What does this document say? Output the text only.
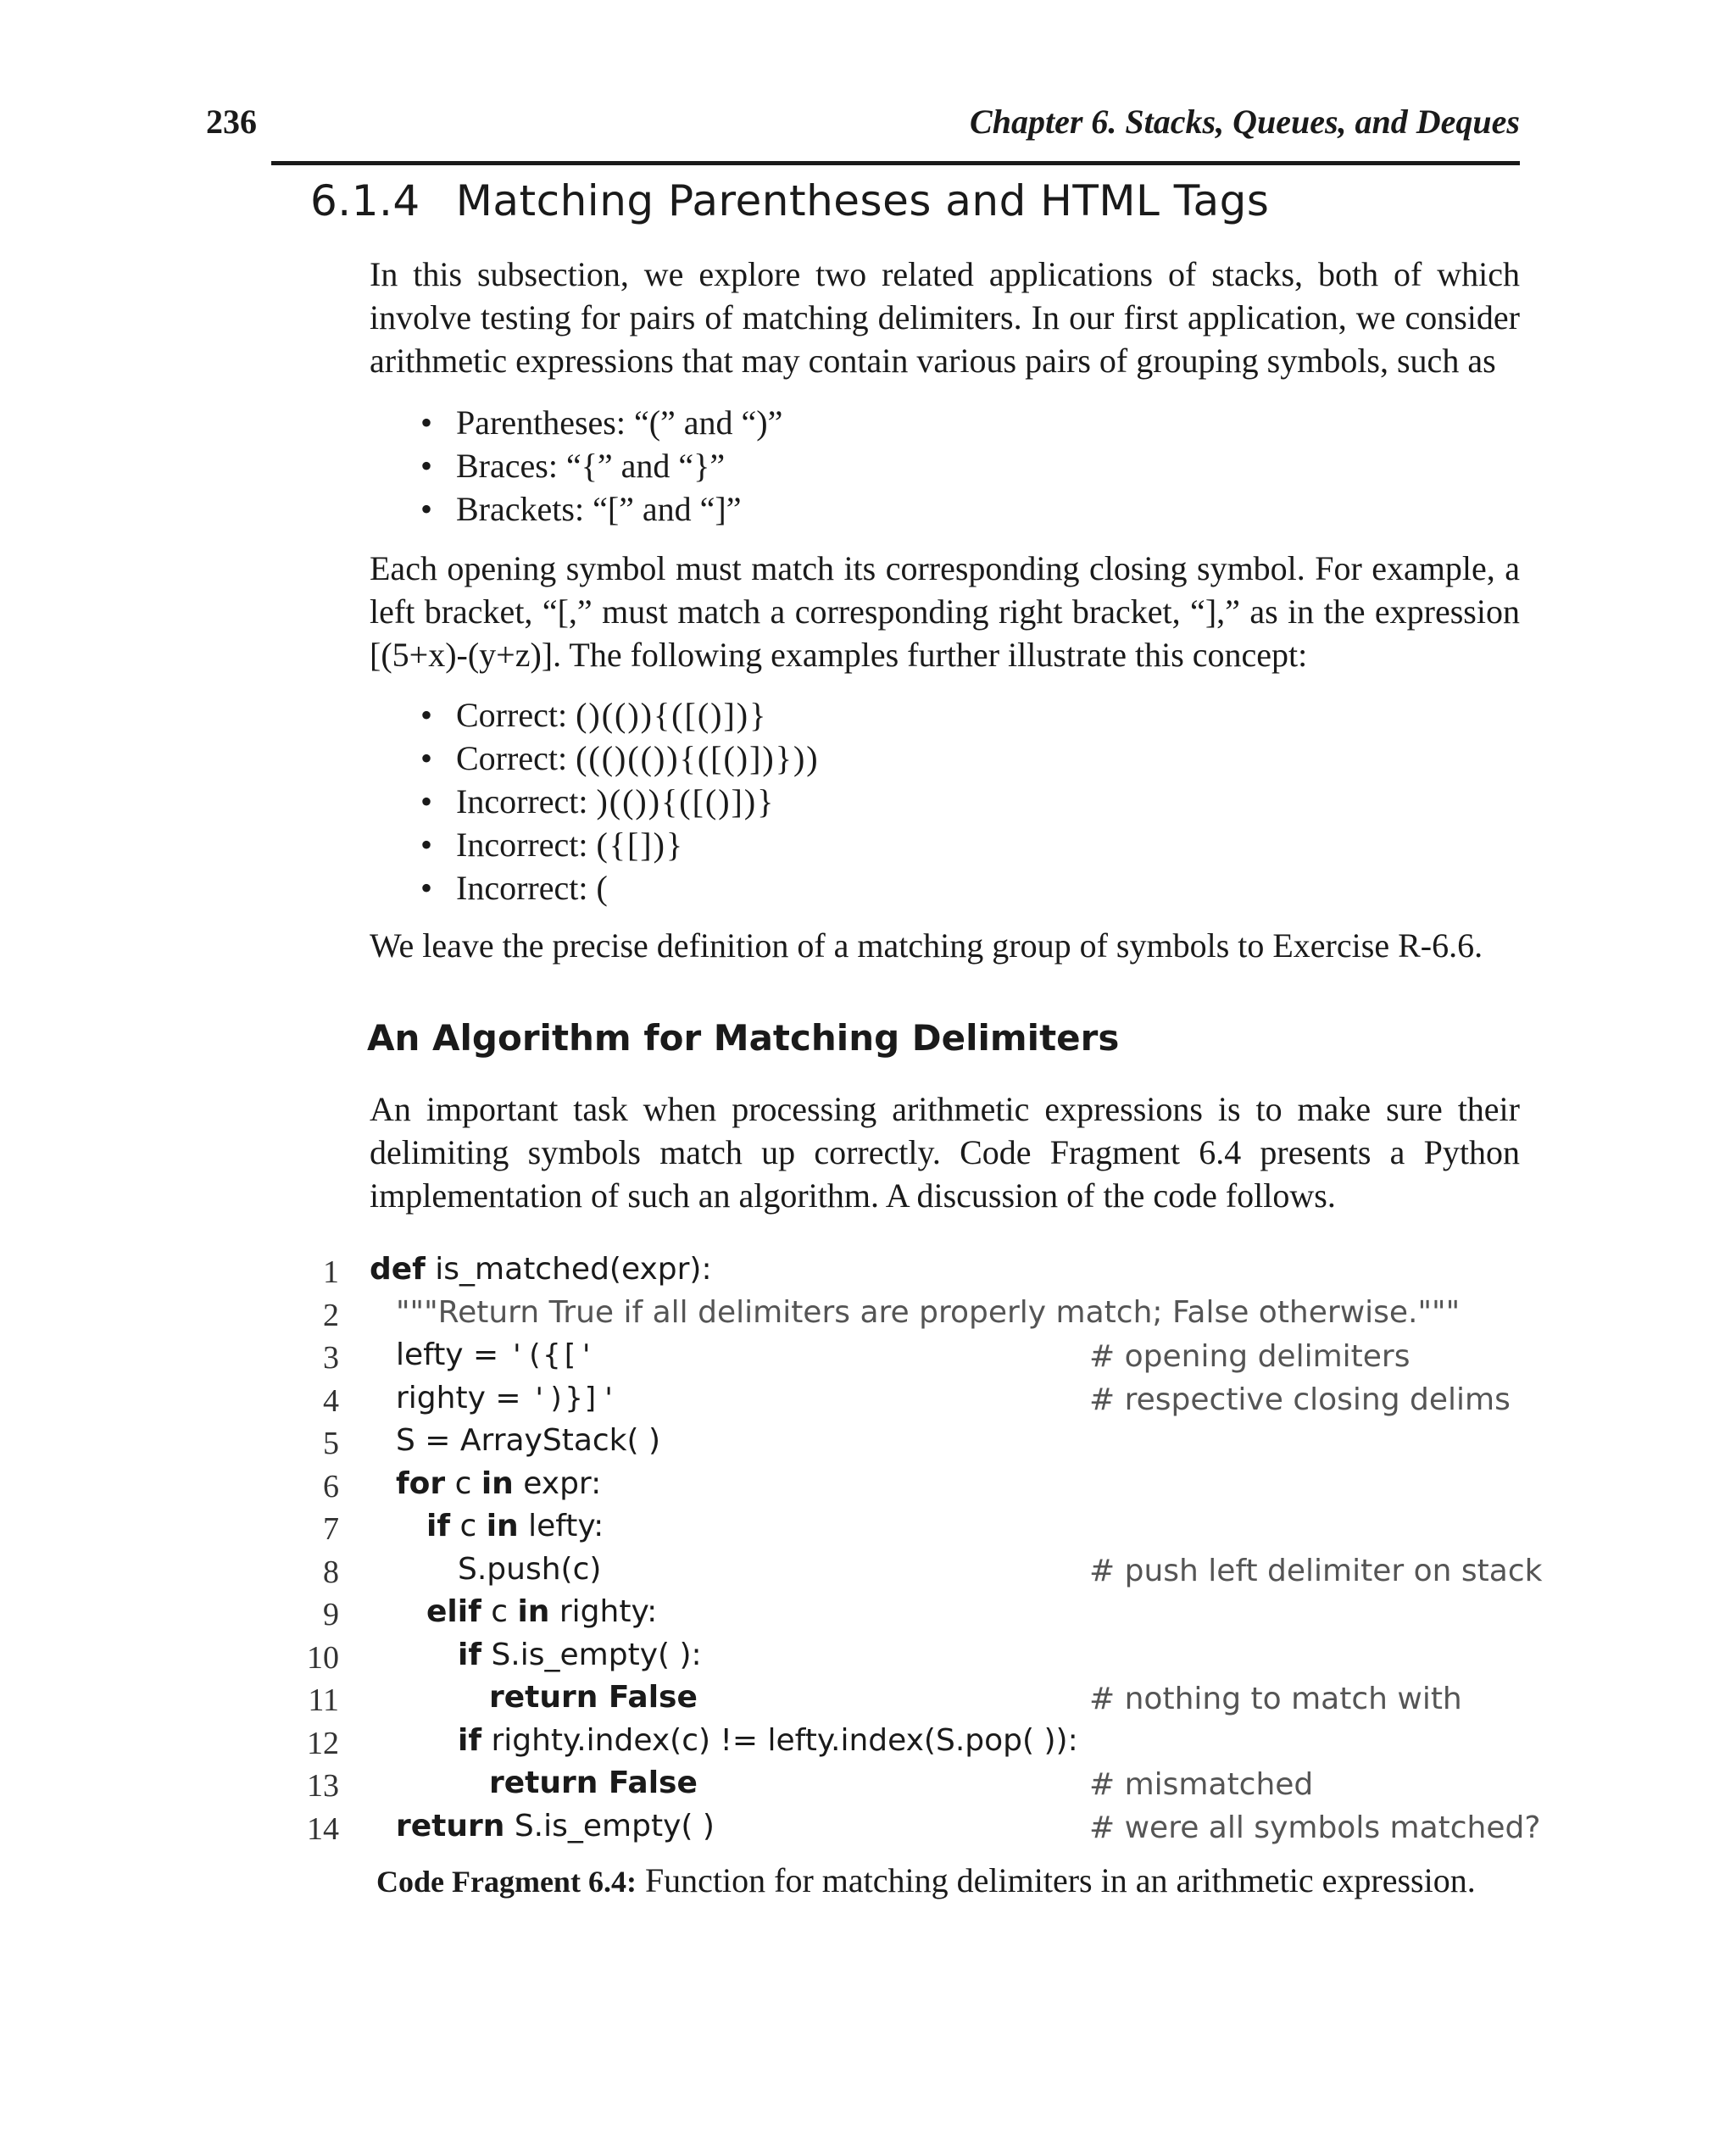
236	Chapter 6. Stacks, Queues, and Deques
6.1.4 Matching Parentheses and HTML Tags

In this subsection, we explore two related applications of stacks, both of which involve testing for pairs of matching delimiters. In our first application, we consider arithmetic expressions that may contain various pairs of grouping symbols, such as

• Parentheses: “(” and “)”
• Braces: “{” and “}”
• Brackets: “[” and “]”

Each opening symbol must match its corresponding closing symbol. For example, a left bracket, “[,” must match a corresponding right bracket, “],” as in the expression [(5+x)-(y+z)]. The following examples further illustrate this concept:

• Correct: ()(()){([()])}
• Correct: ((()(()){([()])}))
• Incorrect: )(()){([()])}
• Incorrect: ({[])}
• Incorrect: (

We leave the precise definition of a matching group of symbols to Exercise R-6.6.

An Algorithm for Matching Delimiters

An important task when processing arithmetic expressions is to make sure their delimiting symbols match up correctly. Code Fragment 6.4 presents a Python implementation of such an algorithm. A discussion of the code follows.

1 def is_matched(expr):
2 """Return True if all delimiters are properly match; False otherwise."""
3 lefty = '({['	# opening delimiters
4 righty = ')}]'	# respective closing delims
5 S = ArrayStack( )
6 for c in expr:
7	if c in lefty:
8	S.push(c)	# push left delimiter on stack
9	elif c in righty:
10	if S.is_empty( ):
11	return False	# nothing to match with
12	if righty.index(c) != lefty.index(S.pop( )):
13	return False	# mismatched
14 return S.is_empty( )	# were all symbols matched?
Code Fragment 6.4: Function for matching delimiters in an arithmetic expression.
